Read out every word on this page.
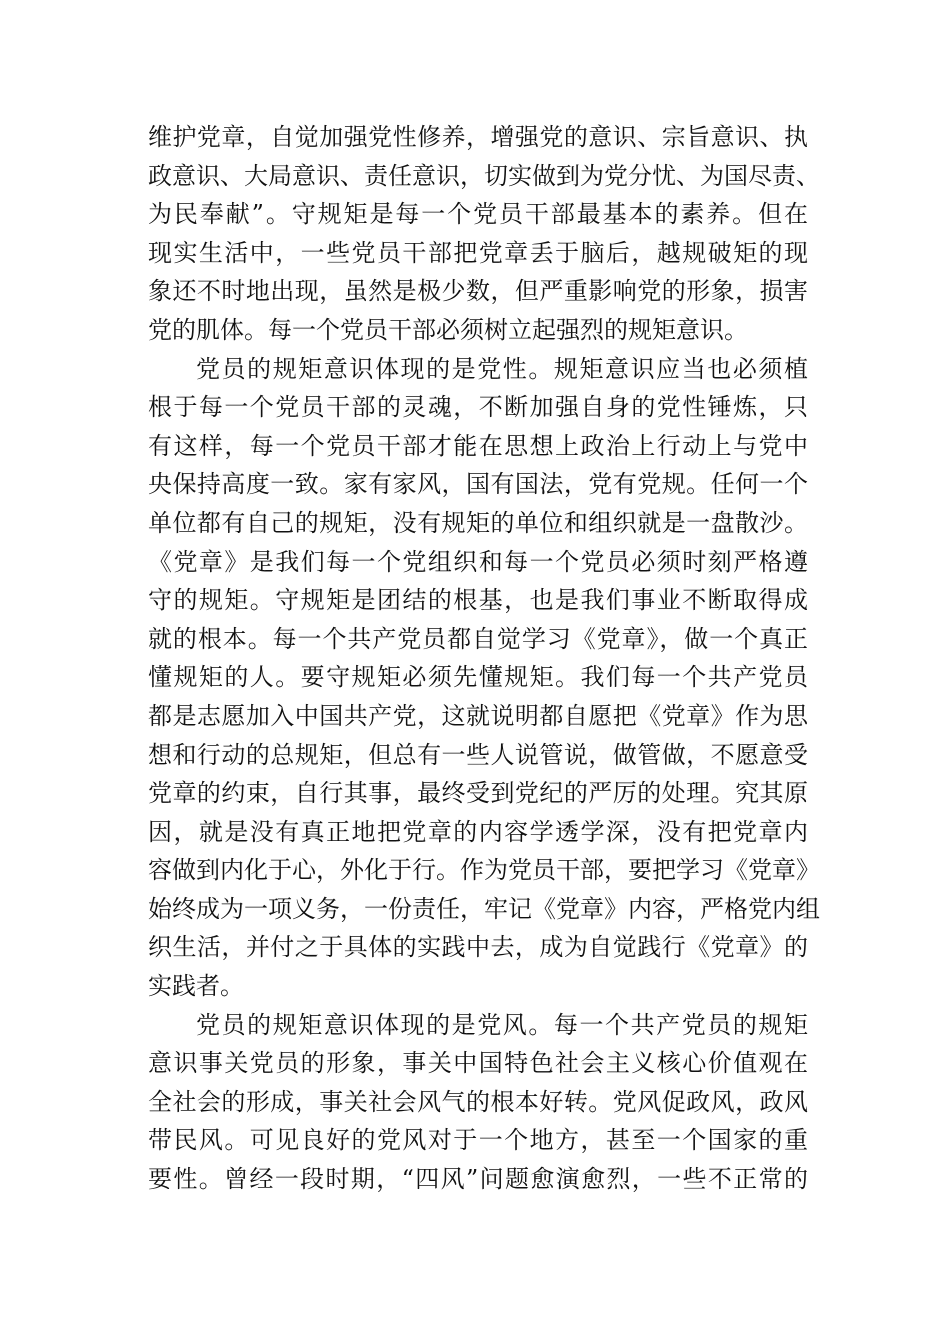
维护党章，自觉加强党性修养，增强党的意识、宗旨意识、执
政意识、大局意识、责任意识，切实做到为党分忧、为国尽责、
为民奉献”。守规矩是每一个党员干部最基本的素养。但在
现实生活中，一些党员干部把党章丢于脑后，越规破矩的现
象还不时地出现，虽然是极少数，但严重影响党的形象，损害
党的肌体。每一个党员干部必须树立起强烈的规矩意识。
党员的规矩意识体现的是党性。规矩意识应当也必须植
根于每一个党员干部的灵魂，不断加强自身的党性锤炼，只
有这样，每一个党员干部才能在思想上政治上行动上与党中
央保持高度一致。家有家风，国有国法，党有党规。任何一个
单位都有自己的规矩，没有规矩的单位和组织就是一盘散沙。
《党章》是我们每一个党组织和每一个党员必须时刻严格遵
守的规矩。守规矩是团结的根基，也是我们事业不断取得成
就的根本。每一个共产党员都自觉学习《党章》，做一个真正
懂规矩的人。要守规矩必须先懂规矩。我们每一个共产党员
都是志愿加入中国共产党，这就说明都自愿把《党章》作为思
想和行动的总规矩，但总有一些人说管说，做管做，不愿意受
党章的约束，自行其事，最终受到党纪的严厉的处理。究其原
因，就是没有真正地把党章的内容学透学深，没有把党章内
容做到内化于心，外化于行。作为党员干部，要把学习《党章》
始终成为一项义务，一份责任，牢记《党章》内容，严格党内组
织生活，并付之于具体的实践中去，成为自觉践行《党章》的
实践者。
党员的规矩意识体现的是党风。每一个共产党员的规矩
意识事关党员的形象，事关中国特色社会主义核心价值观在
全社会的形成，事关社会风气的根本好转。党风促政风，政风
带民风。可见良好的党风对于一个地方，甚至一个国家的重
要性。曾经一段时期，“四风”问题愈演愈烈，一些不正常的
